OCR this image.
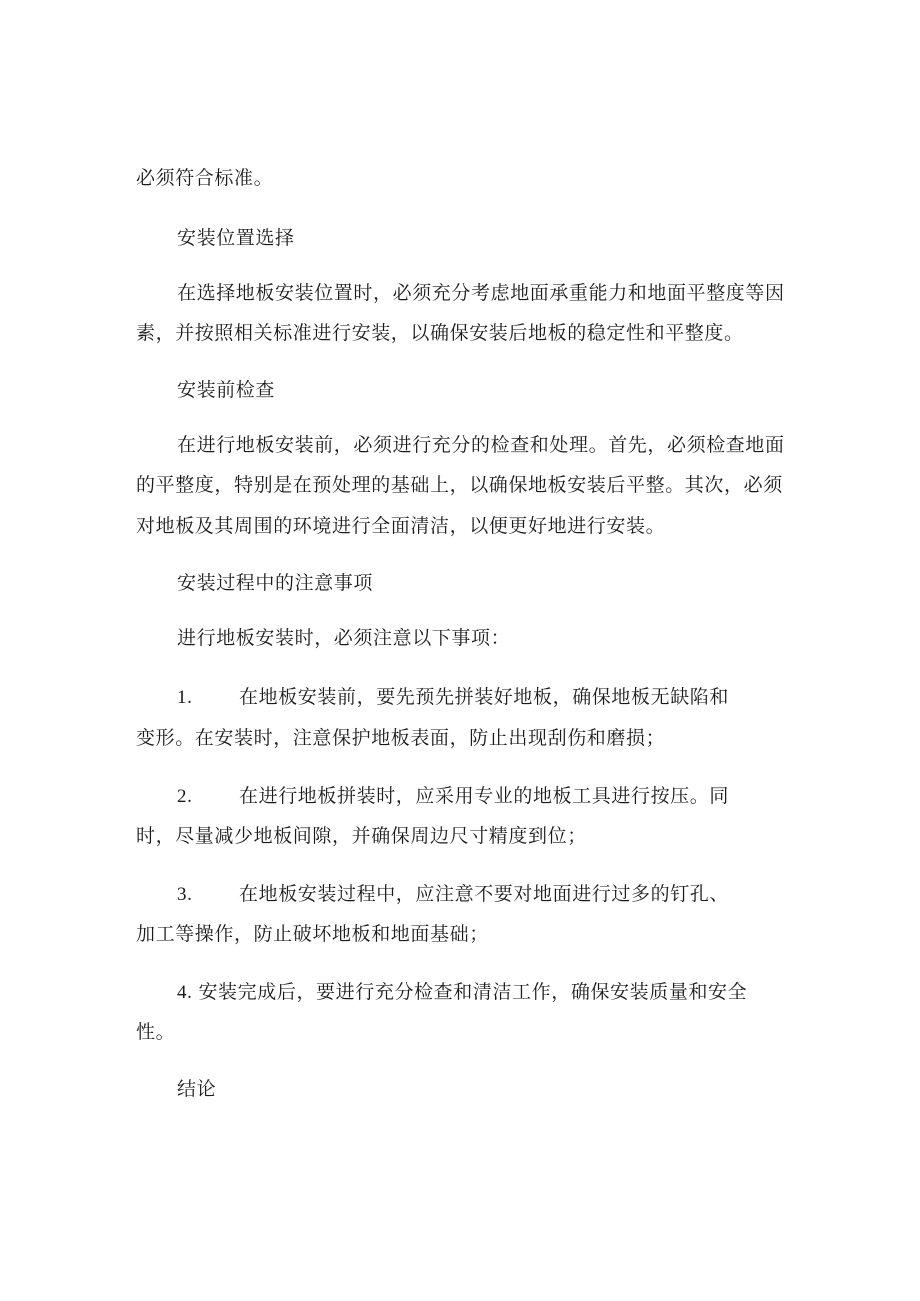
必须符合标准。
安装位置选择
在选择地板安装位置时，必须充分考虑地面承重能力和地面平整度等因
素，并按照相关标准进行安装，以确保安装后地板的稳定性和平整度。
安装前检查
在进行地板安装前，必须进行充分的检查和处理。首先，必须检查地面
的平整度，特别是在预处理的基础上，以确保地板安装后平整。其次，必须
对地板及其周围的环境进行全面清洁，以便更好地进行安装。
安装过程中的注意事项
进行地板安装时，必须注意以下事项：
1. 在地板安装前，要先预先拼装好地板，确保地板无缺陷和
变形。在安装时，注意保护地板表面，防止出现刮伤和磨损；
2. 在进行地板拼装时，应采用专业的地板工具进行按压。同
时，尽量减少地板间隙，并确保周边尺寸精度到位；
3. 在地板安装过程中，应注意不要对地面进行过多的钉孔、
加工等操作，防止破坏地板和地面基础；
4. 安装完成后，要进行充分检查和清洁工作，确保安装质量和安全
性。
结论
